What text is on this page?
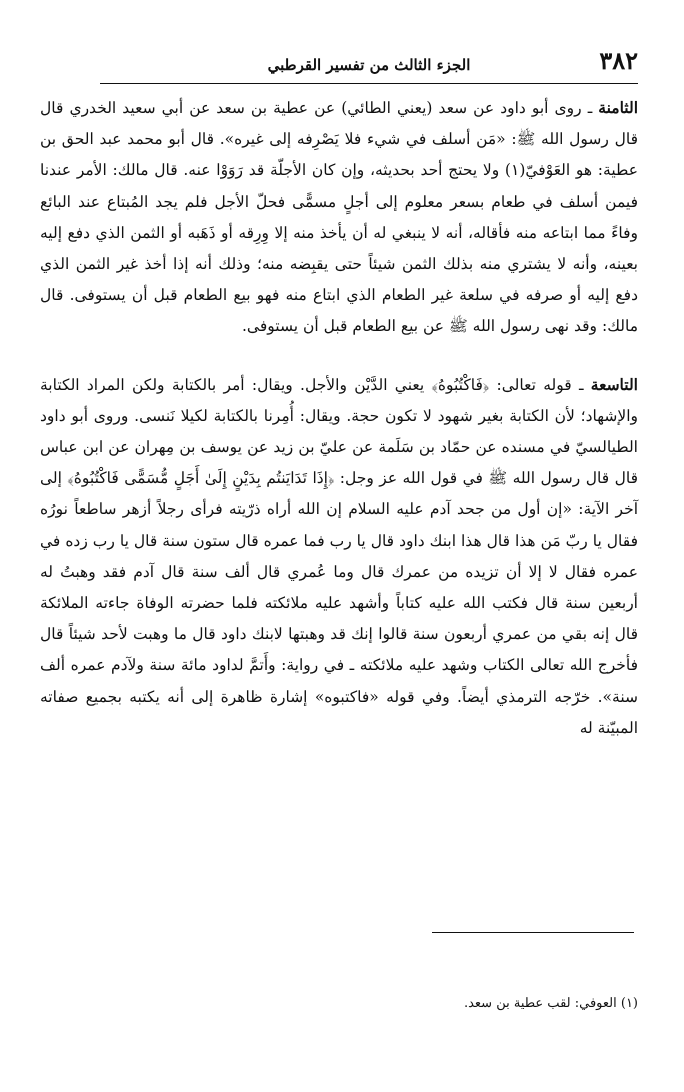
٣٨٢
الجزء الثالث من تفسير القرطبي

الثامنة ـ روى أبو داود عن سعد (يعني الطائي) عن عطية بن سعد عن أبي سعيد الخدري قال قال رسول الله ﷺ: «مَن أسلف في شيء فلا يَصْرِفه إلى غيره». قال أبو محمد عبد الحق بن عطية: هو العَوْفيّ(١) ولا يحتج أحد بحديثه، وإن كان الأجلّة قد رَوَوْا عنه. قال مالك: الأمر عندنا فيمن أسلف في طعام بسعر معلوم إلى أجلٍ مسمًّى فحلّ الأجل فلم يجد المُبتاع عند البائع وفاءً مما ابتاعه منه فأقاله، أنه لا ينبغي له أن يأخذ منه إلا وِرِقه أو ذَهَبه أو الثمن الذي دفع إليه بعينه، وأنه لا يشتري منه بذلك الثمن شيئاً حتى يقبِضه منه؛ وذلك أنه إذا أخذ غير الثمن الذي دفع إليه أو صرفه في سلعة غير الطعام الذي ابتاع منه فهو بيع الطعام قبل أن يستوفى. قال مالك: وقد نهى رسول الله ﷺ عن بيع الطعام قبل أن يستوفى.

التاسعة ـ قوله تعالى: ﴿فَاكْتُبُوهُ﴾ يعني الدَّيْن والأجل. ويقال: أمر بالكتابة ولكن المراد الكتابة والإشهاد؛ لأن الكتابة بغير شهود لا تكون حجة. ويقال: أُمِرنا بالكتابة لكيلا نَنسى. وروى أبو داود الطيالسيّ في مسنده عن حمّاد بن سَلَمة عن عليّ بن زيد عن يوسف بن مِهران عن ابن عباس قال قال رسول الله ﷺ في قول الله عز وجل: ﴿إِذَا تَدَايَنتُم بِدَيْنٍ إِلَىٰ أَجَلٍ مُّسَمًّى فَاكْتُبُوهُ﴾ إلى آخر الآية: «إن أول من جحد آدم عليه السلام إن الله أراه ذرّيته فرأى رجلاً أزهر ساطعاً نورُه فقال يا ربّ مَن هذا قال هذا ابنك داود قال يا رب فما عمره قال ستون سنة قال يا رب زده في عمره فقال لا إلا أن تزيده من عمرك قال وما عُمري قال ألف سنة قال آدم فقد وهبتُ له أربعين سنة قال فكتب الله عليه كتاباً وأشهد عليه ملائكته فلما حضرته الوفاة جاءته الملائكة قال إنه بقي من عمري أربعون سنة قالوا إنك قد وهبتها لابنك داود قال ما وهبت لأحد شيئاً قال فأخرج الله تعالى الكتاب وشهد عليه ملائكته ـ في رواية: وأَتمَّ لداود مائة سنة ولآدم عمره ألف سنة». خرّجه الترمذي أيضاً. وفي قوله «فاكتبوه» إشارة ظاهرة إلى أنه يكتبه بجميع صفاته المبيّنة له

(١) العوفي: لقب عطية بن سعد.
